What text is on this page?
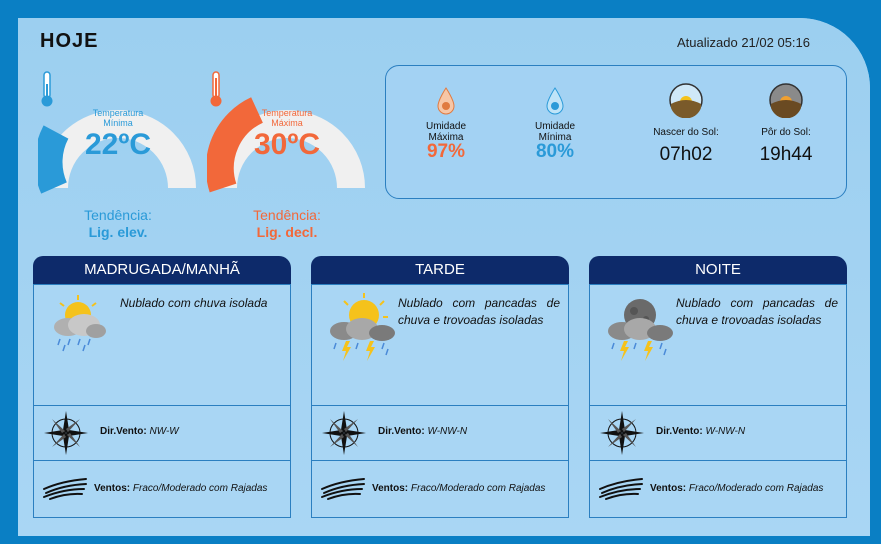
HOJE	Atualizado 21/02 05:16
Temperatura
Mínima
22ºC
Tendência:
Lig. elev.
Temperatura
Máxima
30ºC
Tendência:
Lig. decl.
Umidade
Máxima
97%
Umidade
Mínima
80%
Nascer do Sol:
07h02
Pôr do Sol:
19h44
MADRUGADA/MANHÃ
Nublado com chuva isolada
Dir.Vento: NW-W
Ventos: Fraco/Moderado com Rajadas
TARDE
Nublado com pancadas de chuva e trovoadas isoladas
Dir.Vento: W-NW-N
Ventos: Fraco/Moderado com Rajadas
NOITE
Nublado com pancadas de chuva e trovoadas isoladas
Dir.Vento: W-NW-N
Ventos: Fraco/Moderado com Rajadas
